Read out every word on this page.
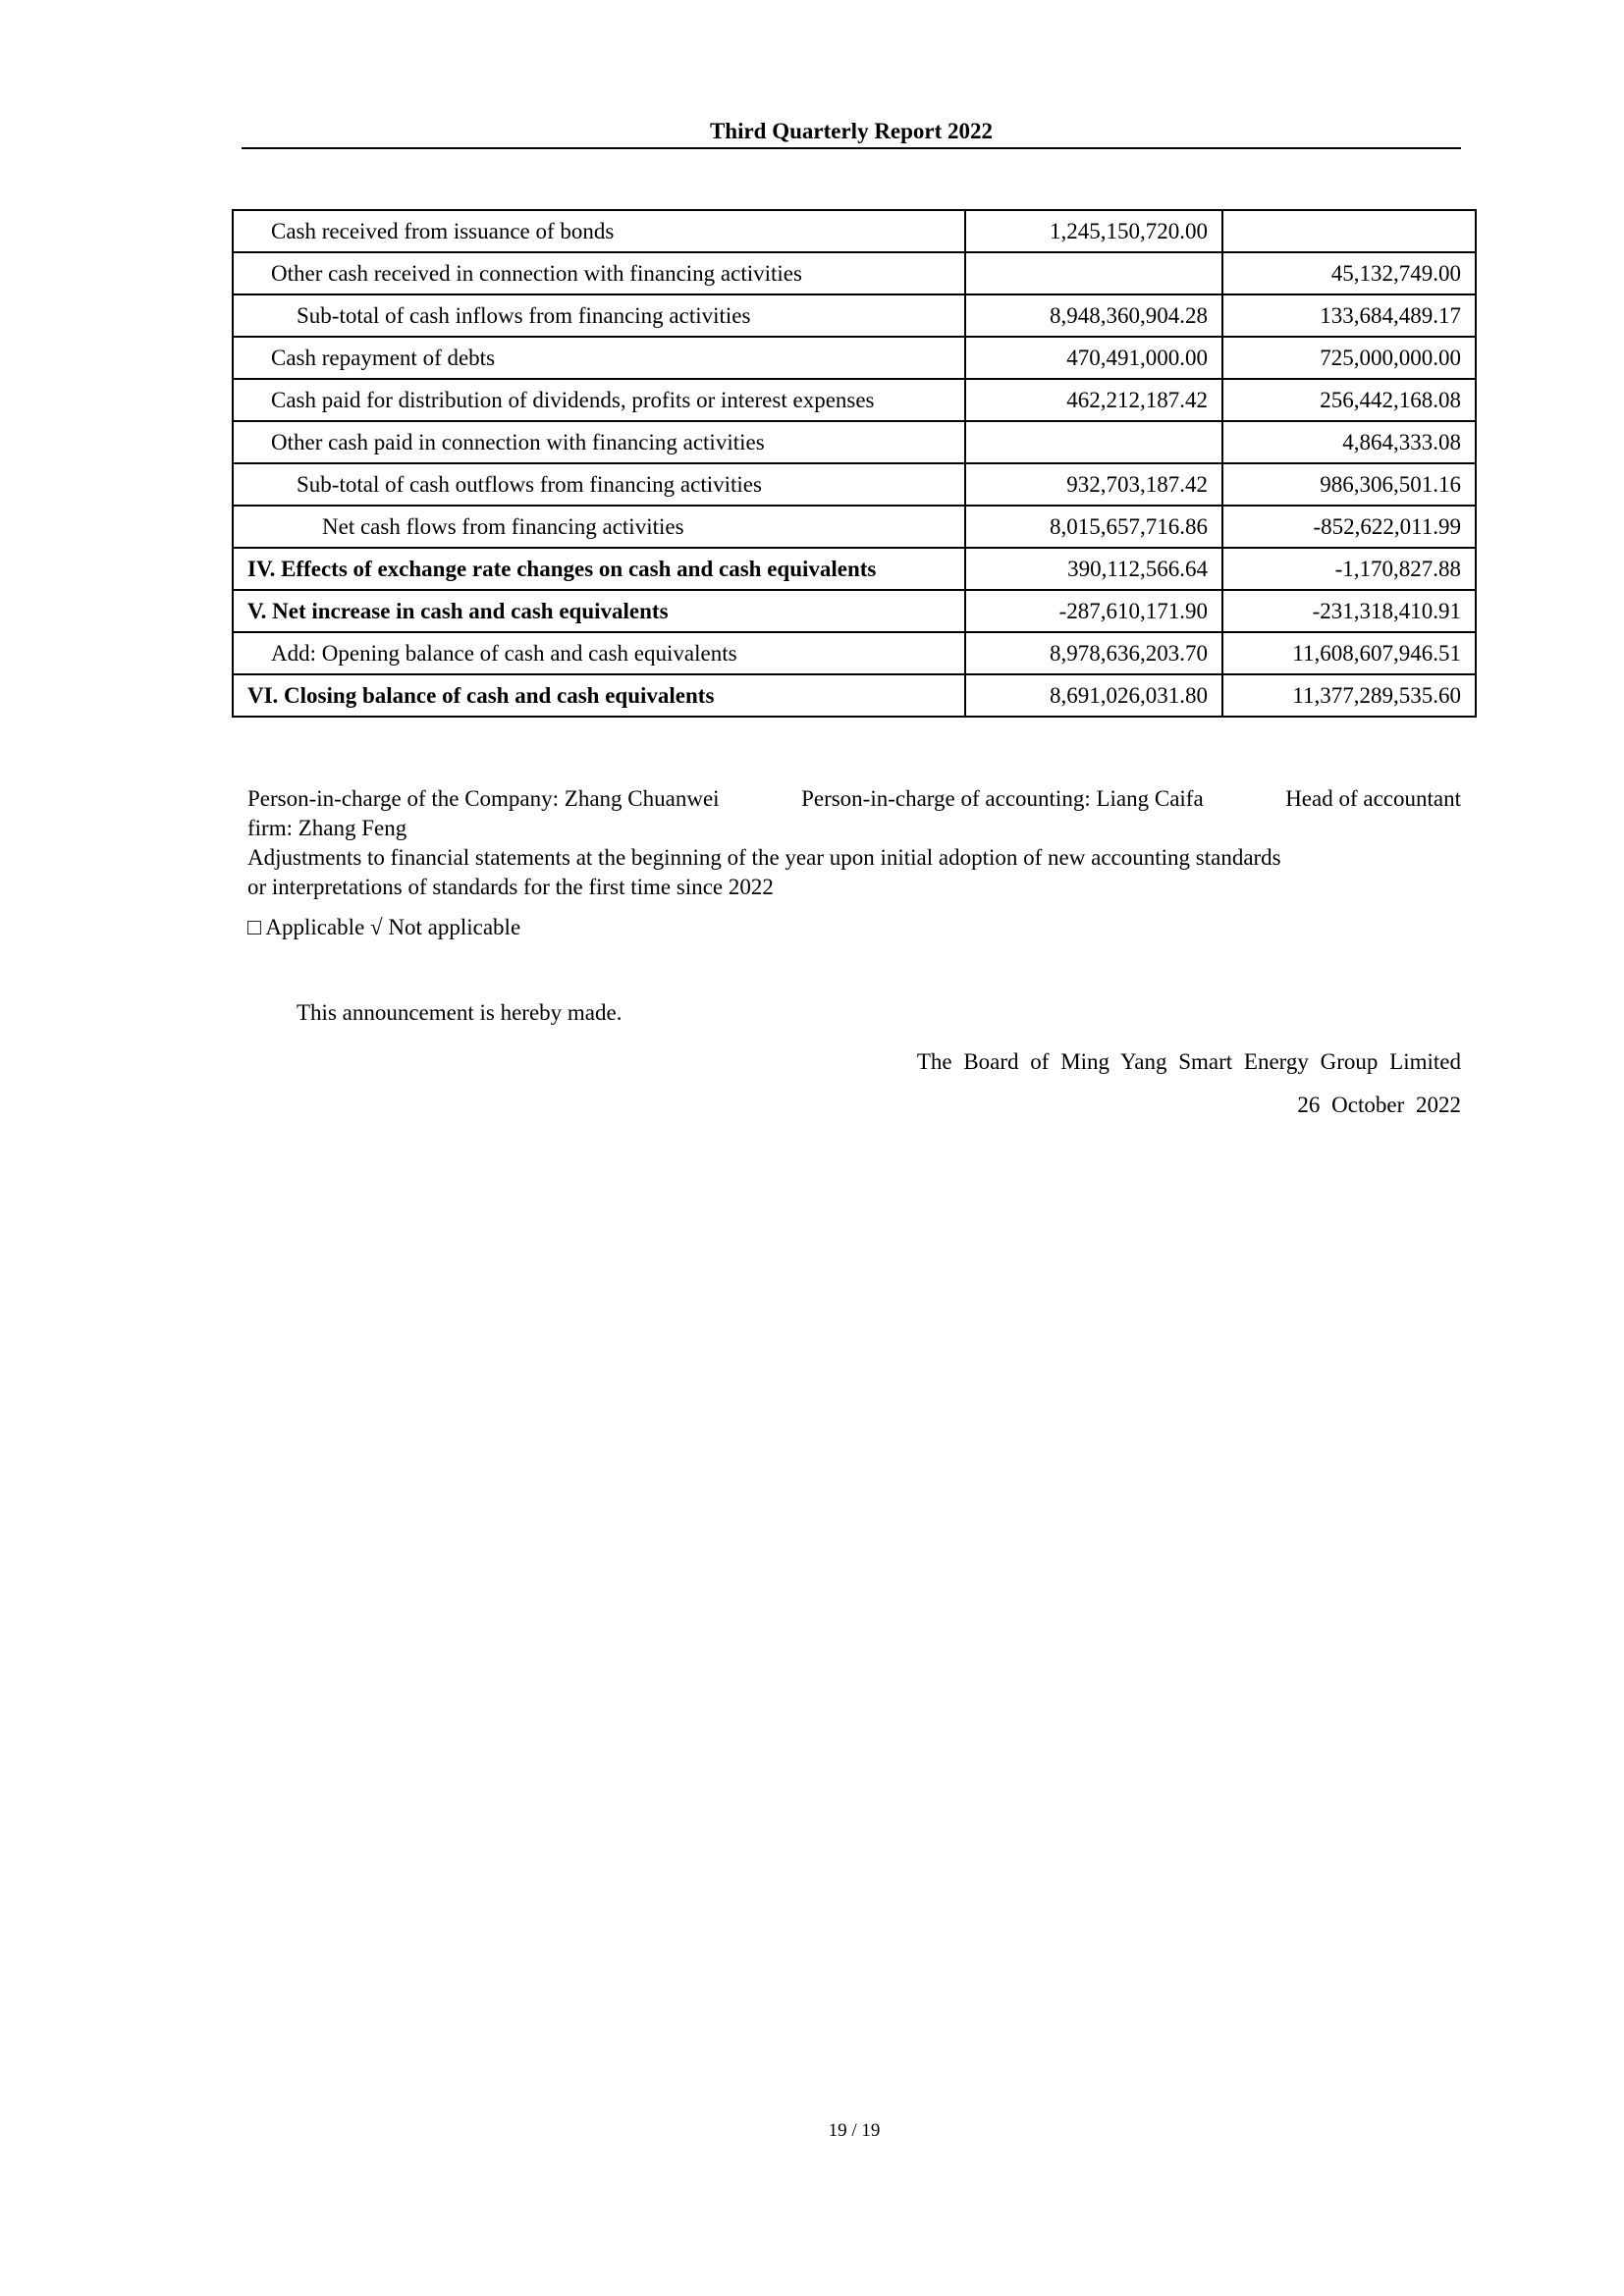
Third Quarterly Report 2022
Cash received from issuance of bonds	1,245,150,720.00	
Other cash received in connection with financing activities		45,132,749.00
Sub-total of cash inflows from financing activities	8,948,360,904.28	133,684,489.17
Cash repayment of debts	470,491,000.00	725,000,000.00
Cash paid for distribution of dividends, profits or interest expenses	462,212,187.42	256,442,168.08
Other cash paid in connection with financing activities		4,864,333.08
Sub-total of cash outflows from financing activities	932,703,187.42	986,306,501.16
Net cash flows from financing activities	8,015,657,716.86	-852,622,011.99
IV. Effects of exchange rate changes on cash and cash equivalents	390,112,566.64	-1,170,827.88
V. Net increase in cash and cash equivalents	-287,610,171.90	-231,318,410.91
Add: Opening balance of cash and cash equivalents	8,978,636,203.70	11,608,607,946.51
VI. Closing balance of cash and cash equivalents	8,691,026,031.80	11,377,289,535.60
Person-in-charge of the Company: Zhang Chuanwei	Person-in-charge of accounting: Liang Caifa	Head of accountant

firm: Zhang Feng

Adjustments to financial statements at the beginning of the year upon initial adoption of new accounting standards

or interpretations of standards for the first time since 2022

□ Applicable √ Not applicable
This announcement is hereby made.
The Board of Ming Yang Smart Energy Group Limited
26 October 2022
19 / 19
